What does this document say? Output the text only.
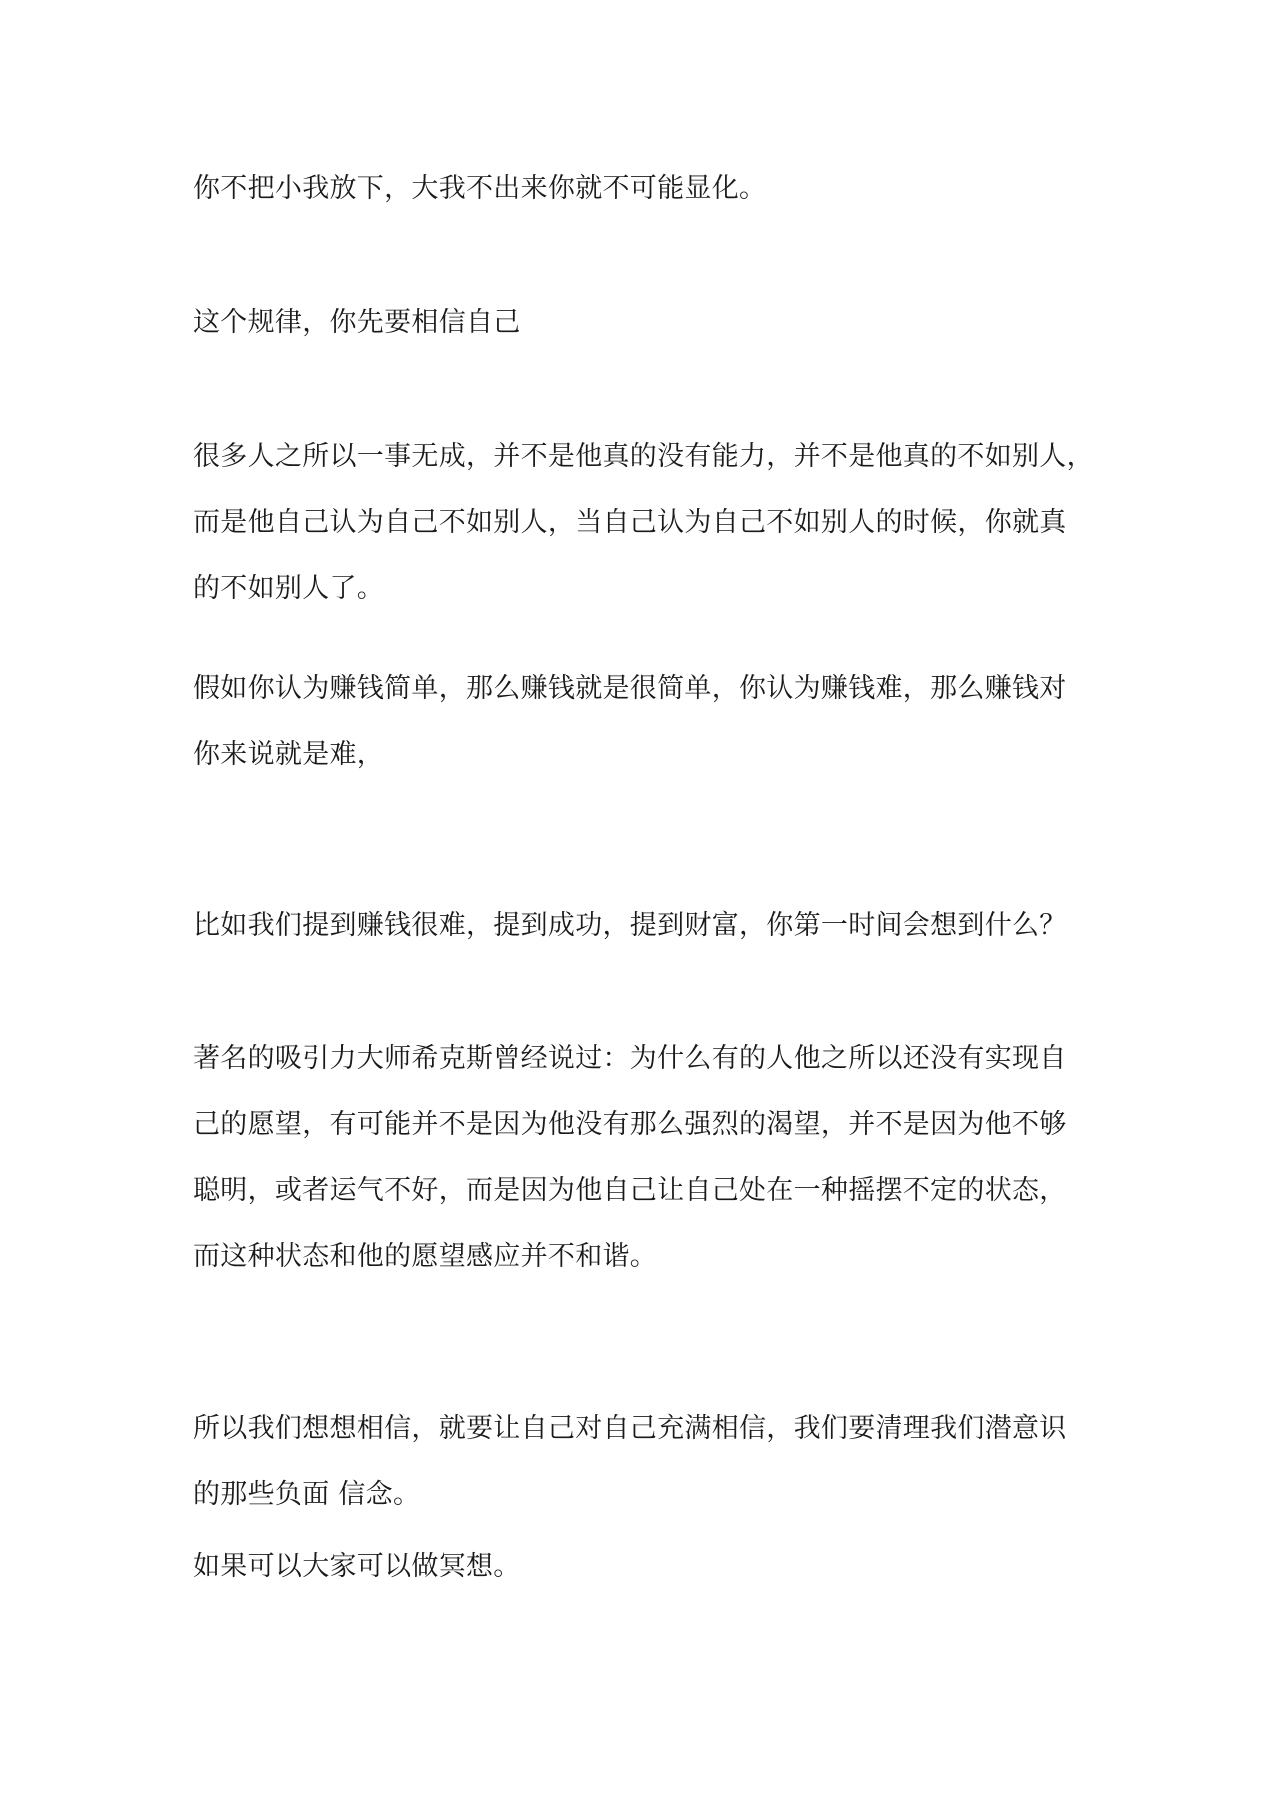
你不把小我放下，大我不出来你就不可能显化。

这个规律，你先要相信自己

很多人之所以一事无成，并不是他真的没有能力，并不是他真的不如别人，
而是他自己认为自己不如别人，当自己认为自己不如别人的时候，你就真
的不如别人了。

假如你认为赚钱简单，那么赚钱就是很简单，你认为赚钱难，那么赚钱对
你来说就是难，

比如我们提到赚钱很难，提到成功，提到财富，你第一时间会想到什么？

著名的吸引力大师希克斯曾经说过：为什么有的人他之所以还没有实现自
己的愿望，有可能并不是因为他没有那么强烈的渴望，并不是因为他不够
聪明，或者运气不好，而是因为他自己让自己处在一种摇摆不定的状态，
而这种状态和他的愿望感应并不和谐。

所以我们想想相信，就要让自己对自己充满相信，我们要清理我们潜意识
的那些负面 信念。

如果可以大家可以做冥想。
